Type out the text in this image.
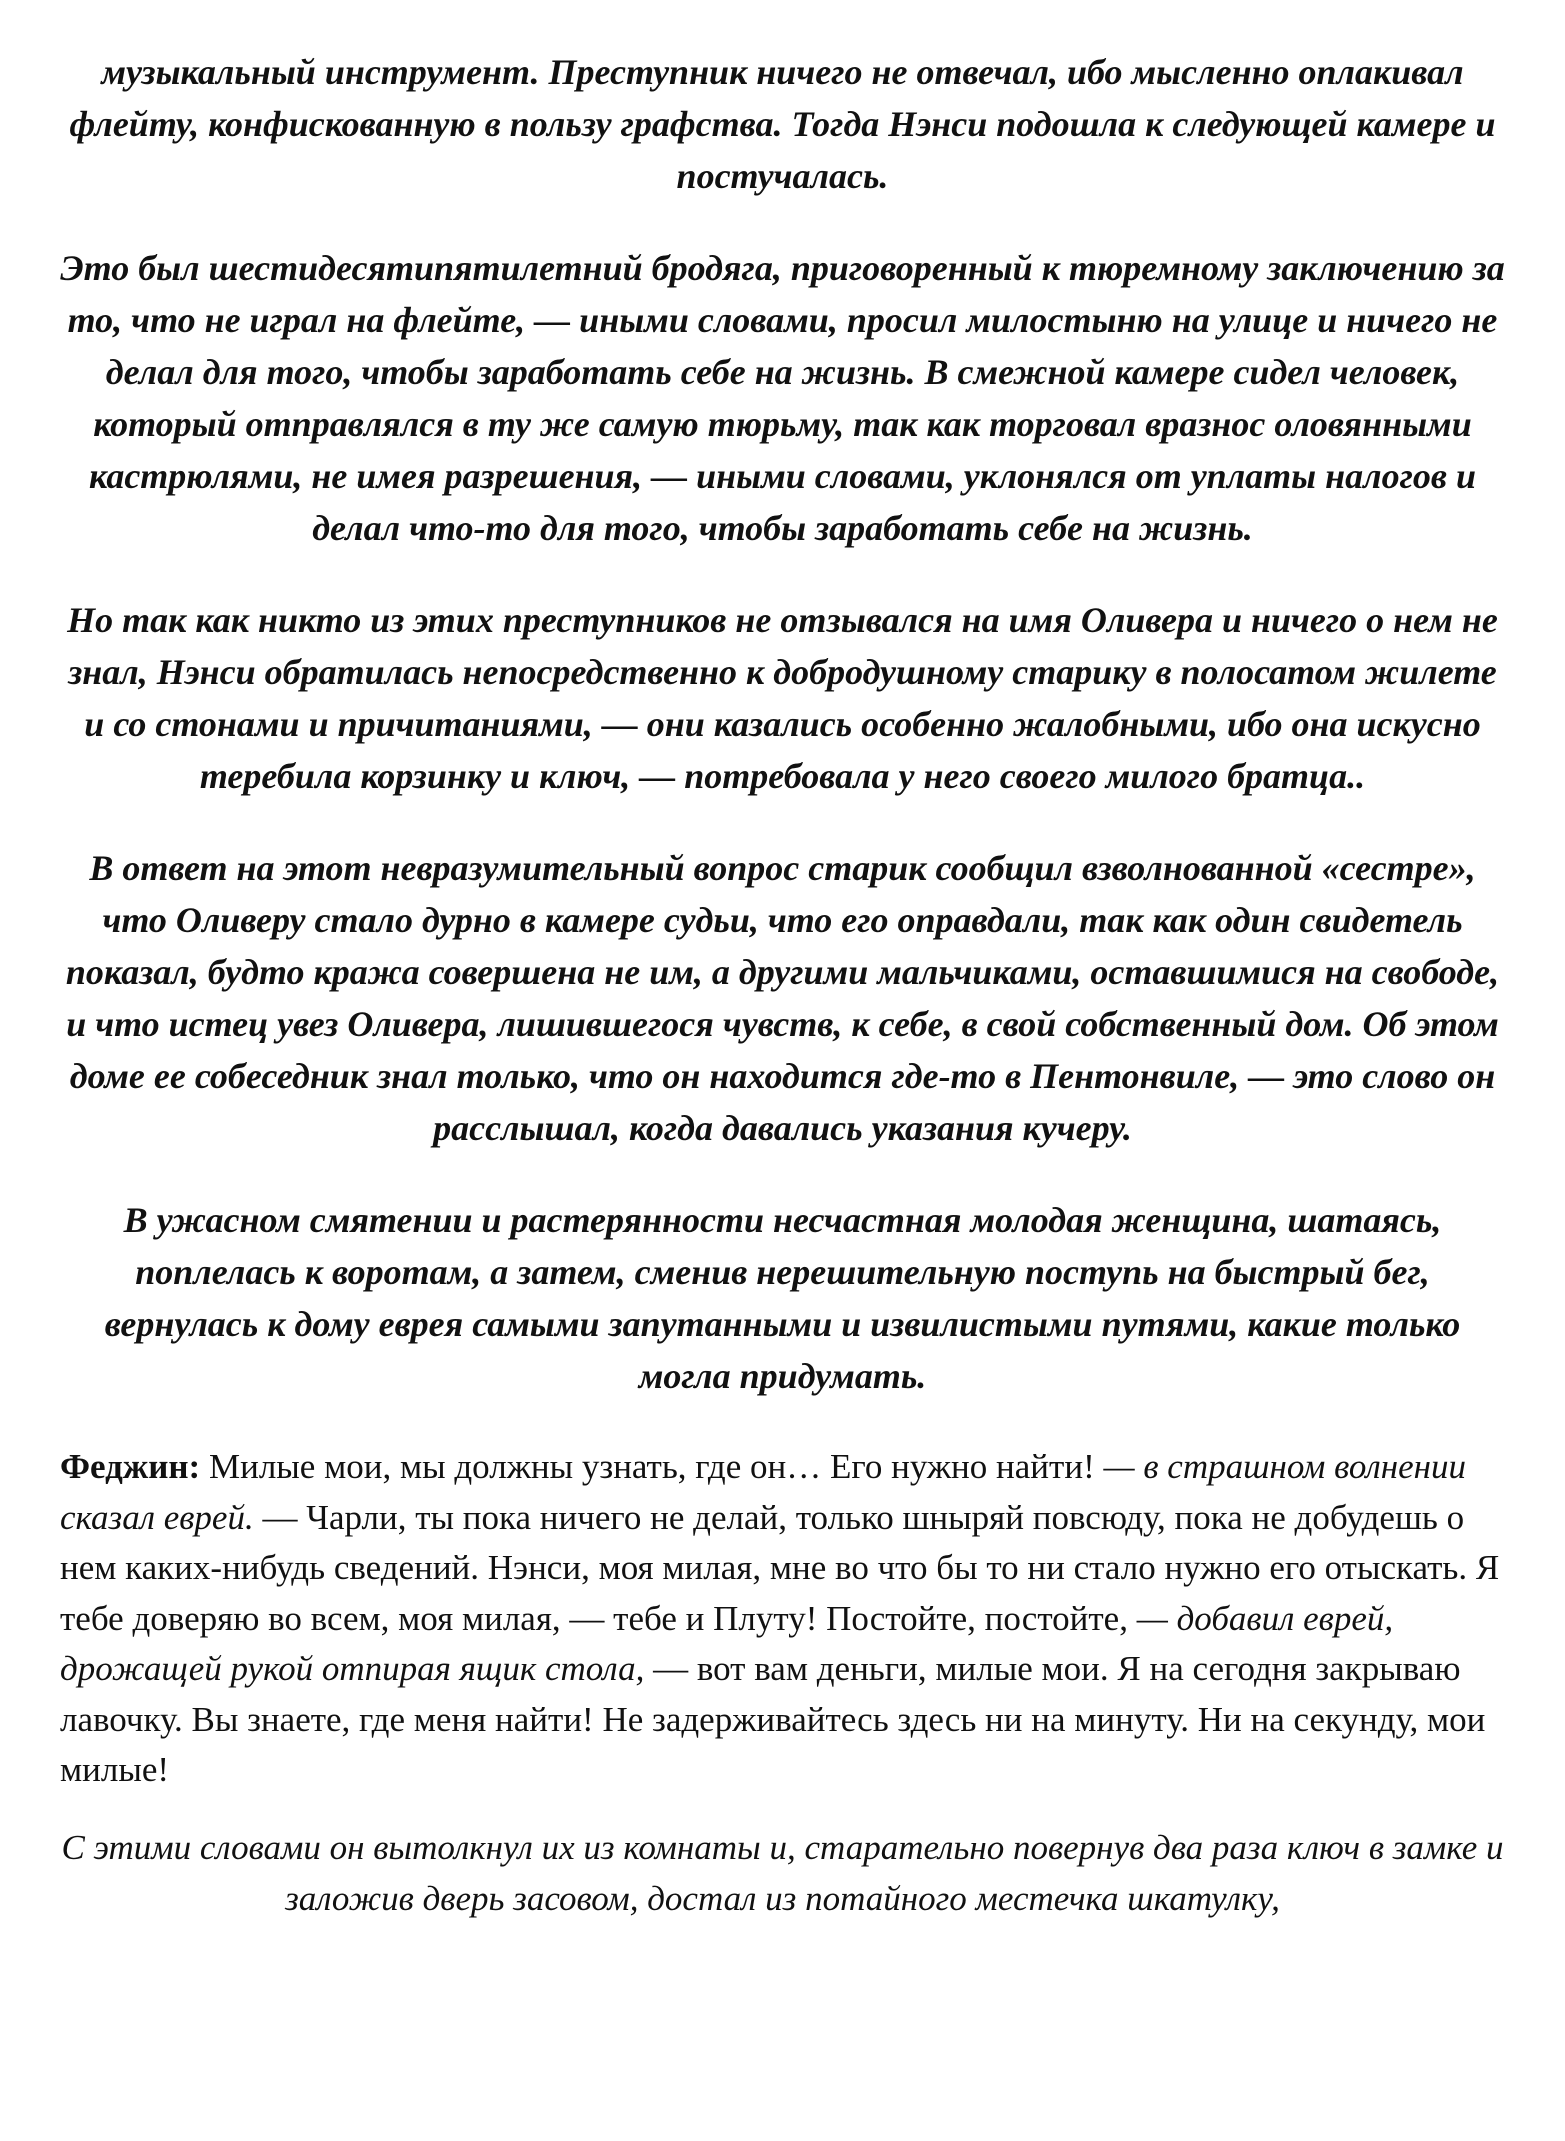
музыкальный инструмент. Преступник ничего не отвечал, ибо мысленно оплакивал флейту, конфискованную в пользу графства. Тогда Нэнси подошла к следующей камере и постучалась.

Это был шестидесятипятилетний бродяга, приговоренный к тюремному заключению за то, что не играл на флейте, — иными словами, просил милостыню на улице и ничего не делал для того, чтобы заработать себе на жизнь. В смежной камере сидел человек, который отправлялся в ту же самую тюрьму, так как торговал вразнос оловянными кастрюлями, не имея разрешения, — иными словами, уклонялся от уплаты налогов и делал что-то для того, чтобы заработать себе на жизнь.

Но так как никто из этих преступников не отзывался на имя Оливера и ничего о нем не знал, Нэнси обратилась непосредственно к добродушному старику в полосатом жилете и со стонами и причитаниями, — они казались особенно жалобными, ибо она искусно теребила корзинку и ключ, — потребовала у него своего милого братца..

В ответ на этот невразумительный вопрос старик сообщил взволнованной «сестре», что Оливеру стало дурно в камере судьи, что его оправдали, так как один свидетель показал, будто кража совершена не им, а другими мальчиками, оставшимися на свободе, и что истец увез Оливера, лишившегося чувств, к себе, в свой собственный дом. Об этом доме ее собеседник знал только, что он находится где-то в Пентонвиле, — это слово он расслышал, когда давались указания кучеру.

В ужасном смятении и растерянности несчастная молодая женщина, шатаясь, поплелась к воротам, а затем, сменив нерешительную поступь на быстрый бег, вернулась к дому еврея самыми запутанными и извилистыми путями, какие только могла придумать.

Феджин: Милые мои, мы должны узнать, где он… Его нужно найти! — в страшном волнении сказал еврей. — Чарли, ты пока ничего не делай, только шныряй повсюду, пока не добудешь о нем каких-нибудь сведений. Нэнси, моя милая, мне во что бы то ни стало нужно его отыскать. Я тебе доверяю во всем, моя милая, — тебе и Плуту! Постойте, постойте, — добавил еврей, дрожащей рукой отпирая ящик стола, — вот вам деньги, милые мои. Я на сегодня закрываю лавочку. Вы знаете, где меня найти! Не задерживайтесь здесь ни на минуту. Ни на секунду, мои милые!

С этими словами он вытолкнул их из комнаты и, старательно повернув два раза ключ в замке и заложив дверь засовом, достал из потайного местечка шкатулку,
